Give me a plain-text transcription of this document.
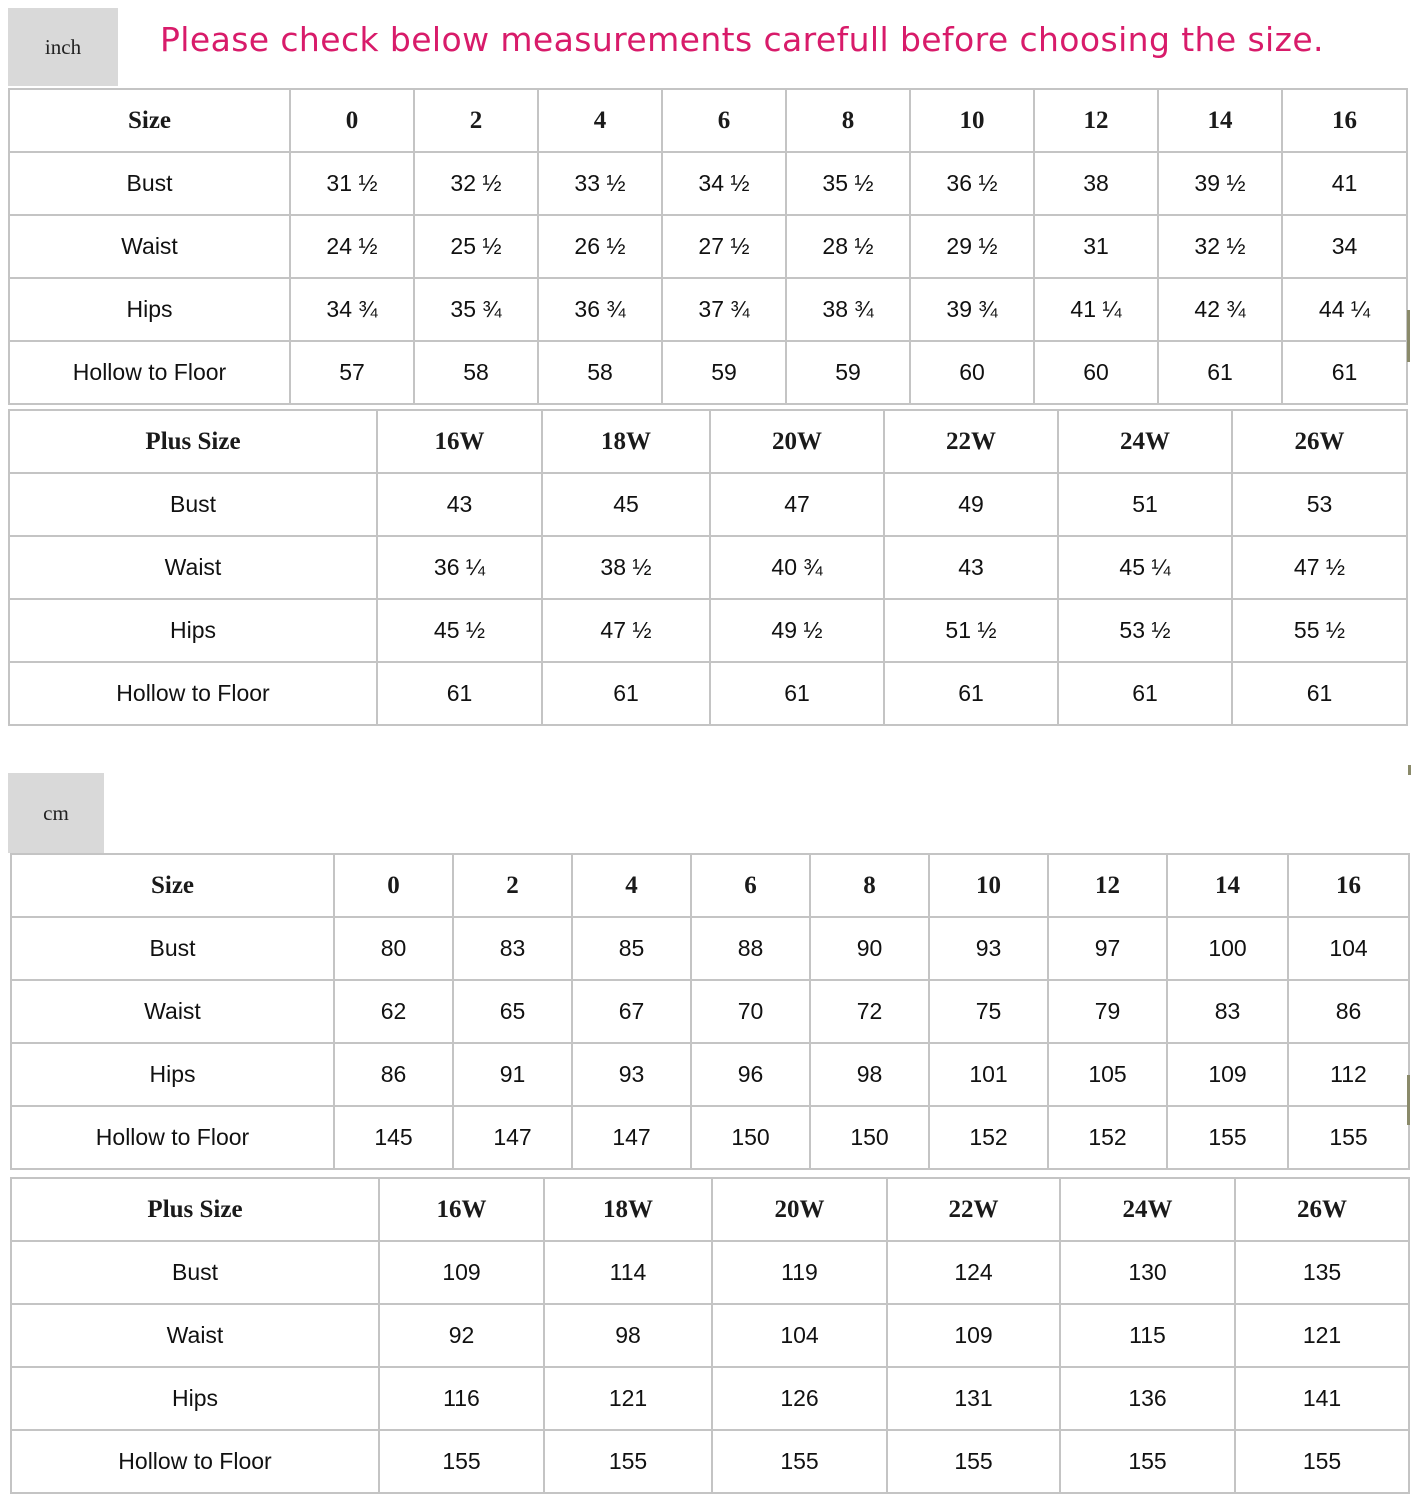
inch	Please check below measurements carefull before choosing the size.
Size	0	2	4	6	8	10	12	14	16
Bust	31 ½	32 ½	33 ½	34 ½	35 ½	36 ½	38	39 ½	41
Waist	24 ½	25 ½	26 ½	27 ½	28 ½	29 ½	31	32 ½	34
Hips	34 ¾	35 ¾	36 ¾	37 ¾	38 ¾	39 ¾	41 ¼	42 ¾	44 ¼
Hollow to Floor	57	58	58	59	59	60	60	61	61
Plus Size	16W	18W	20W	22W	24W	26W
Bust	43	45	47	49	51	53
Waist	36 ¼	38 ½	40 ¾	43	45 ¼	47 ½
Hips	45 ½	47 ½	49 ½	51 ½	53 ½	55 ½
Hollow to Floor	61	61	61	61	61	61
cm
Size	0	2	4	6	8	10	12	14	16
Bust	80	83	85	88	90	93	97	100	104
Waist	62	65	67	70	72	75	79	83	86
Hips	86	91	93	96	98	101	105	109	112
Hollow to Floor	145	147	147	150	150	152	152	155	155
Plus Size	16W	18W	20W	22W	24W	26W
Bust	109	114	119	124	130	135
Waist	92	98	104	109	115	121
Hips	116	121	126	131	136	141
Hollow to Floor	155	155	155	155	155	155
